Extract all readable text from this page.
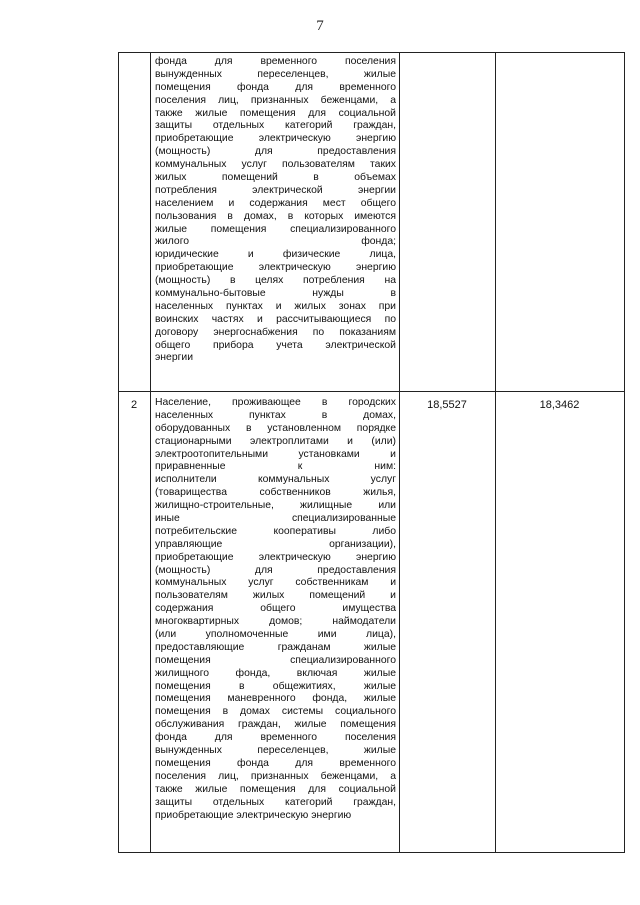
7
фонда для временного поселения
вынужденных переселенцев, жилые
помещения фонда для временного
поселения лиц, признанных беженцами, а
также жилые помещения для социальной
защиты отдельных категорий граждан,
приобретающие электрическую энергию
(мощность) для предоставления
коммунальных услуг пользователям таких
жилых помещений в объемах
потребления электрической энергии
населением и содержания мест общего
пользования в домах, в которых имеются
жилые помещения специализированного
жилого фонда;
юридические и физические лица,
приобретающие электрическую энергию
(мощность) в целях потребления на
коммунально-бытовые нужды в
населенных пунктах и жилых зонах при
воинских частях и рассчитывающиеся по
договору энергоснабжения по показаниям
общего прибора учета электрической
энергии
2	Население, проживающее в городских
населенных пунктах в домах,
оборудованных в установленном порядке
стационарными электроплитами и (или)
электроотопительными установками и
приравненные к ним:
исполнители коммунальных услуг
(товарищества собственников жилья,
жилищно-строительные, жилищные или
иные специализированные
потребительские кооперативы либо
управляющие организации),
приобретающие электрическую энергию
(мощность) для предоставления
коммунальных услуг собственникам и
пользователям жилых помещений и
содержания общего имущества
многоквартирных домов; наймодатели
(или уполномоченные ими лица),
предоставляющие гражданам жилые
помещения специализированного
жилищного фонда, включая жилые
помещения в общежитиях, жилые
помещения маневренного фонда, жилые
помещения в домах системы социального
обслуживания граждан, жилые помещения
фонда для временного поселения
вынужденных переселенцев, жилые
помещения фонда для временного
поселения лиц, признанных беженцами, а
также жилые помещения для социальной
защиты отдельных категорий граждан,
приобретающие электрическую энергию
18,5527	18,3462
